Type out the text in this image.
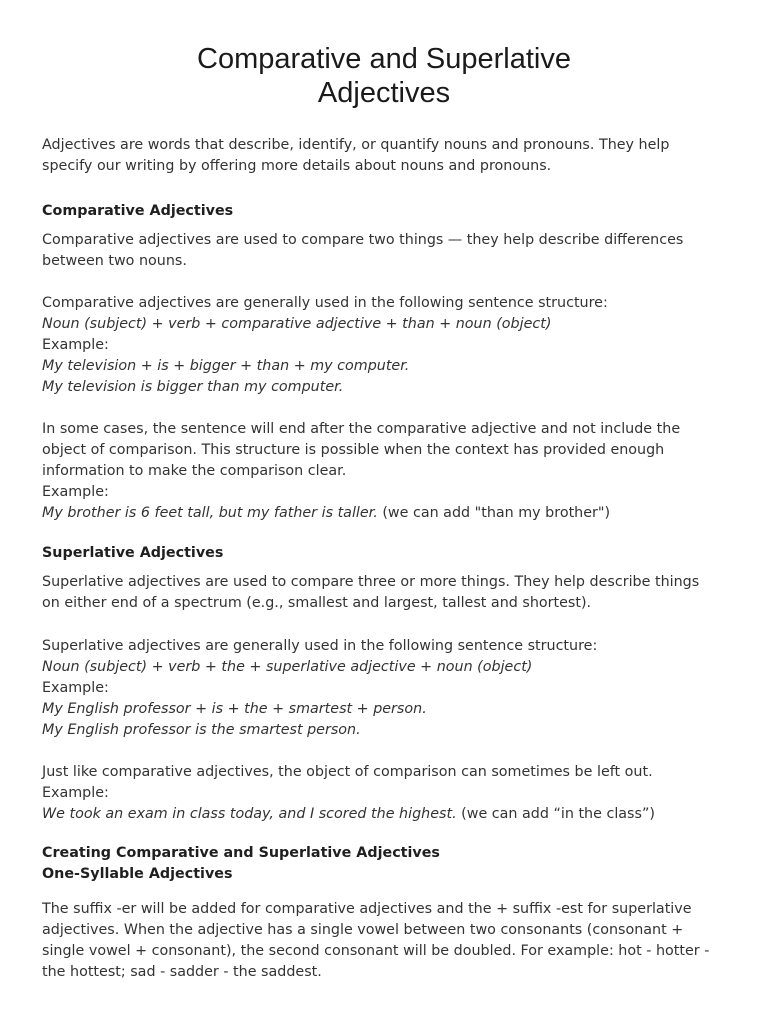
Comparative and Superlative
Adjectives

Adjectives are words that describe, identify, or quantify nouns and pronouns. They help
specify our writing by offering more details about nouns and pronouns.

Comparative Adjectives

Comparative adjectives are used to compare two things — they help describe differences
between two nouns.

Comparative adjectives are generally used in the following sentence structure:
Noun (subject) + verb + comparative adjective + than + noun (object)
Example:
My television + is + bigger + than + my computer.
My television is bigger than my computer.

In some cases, the sentence will end after the comparative adjective and not include the
object of comparison. This structure is possible when the context has provided enough
information to make the comparison clear.
Example:
My brother is 6 feet tall, but my father is taller. (we can add "than my brother")

Superlative Adjectives

Superlative adjectives are used to compare three or more things. They help describe things
on either end of a spectrum (e.g., smallest and largest, tallest and shortest).

Superlative adjectives are generally used in the following sentence structure:
Noun (subject) + verb + the + superlative adjective + noun (object)
Example:
My English professor + is + the + smartest + person.
My English professor is the smartest person.

Just like comparative adjectives, the object of comparison can sometimes be left out.
Example:
We took an exam in class today, and I scored the highest. (we can add “in the class”)

Creating Comparative and Superlative Adjectives
One-Syllable Adjectives

The suffix -er will be added for comparative adjectives and the + suffix -est for superlative
adjectives. When the adjective has a single vowel between two consonants (consonant +
single vowel + consonant), the second consonant will be doubled. For example: hot - hotter -
the hottest; sad - sadder - the saddest.
